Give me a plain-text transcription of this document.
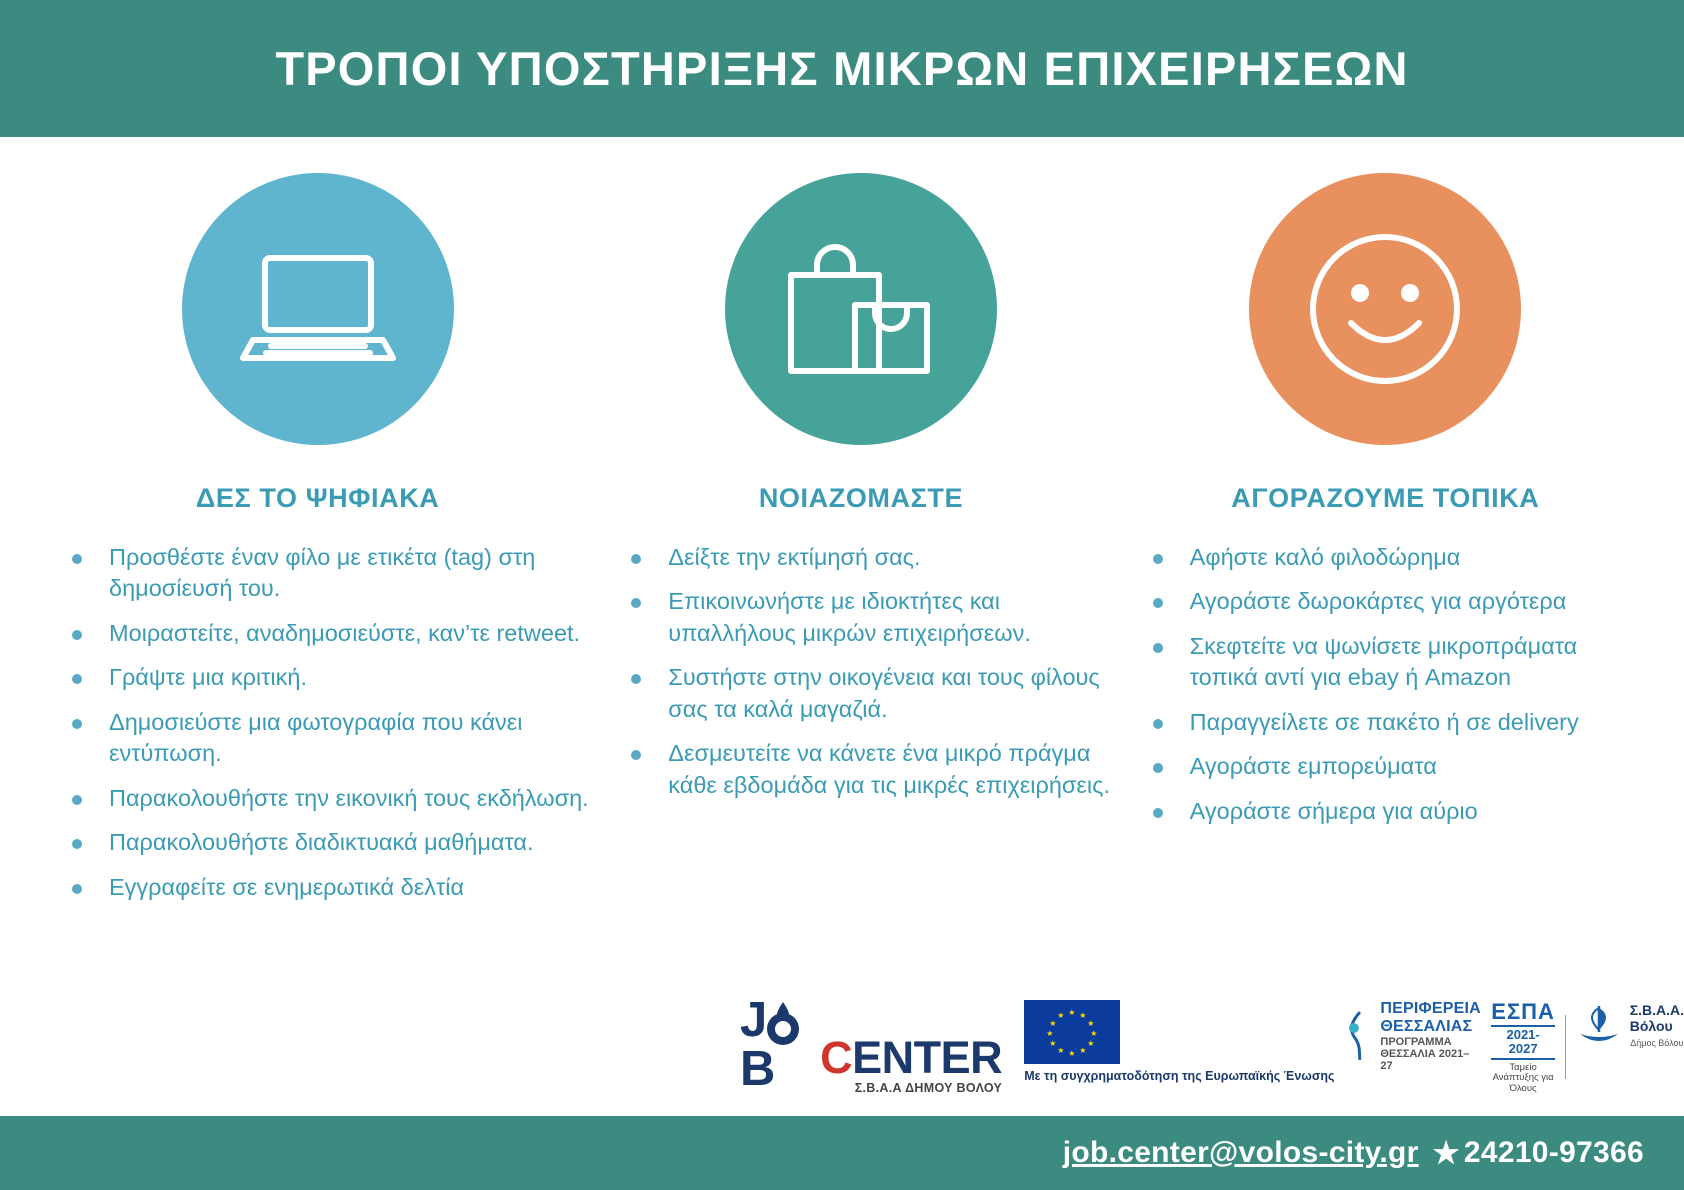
ΤΡΟΠΟΙ ΥΠΟΣΤΗΡΙΞΗΣ ΜΙΚΡΩΝ ΕΠΙΧΕΙΡΗΣΕΩΝ
ΔΕΣ ΤΟ ΨΗΦΙΑΚΑ
Προσθέστε έναν φίλο με ετικέτα (tag) στη δημοσίευσή του.
Μοιραστείτε, αναδημοσιεύστε, καν’τε retweet.
Γράψτε μια κριτική.
Δημοσιεύστε μια φωτογραφία που κάνει εντύπωση.
Παρακολουθήστε την εικονική τους εκδήλωση.
Παρακολουθήστε διαδικτυακά μαθήματα.
Εγγραφείτε σε ενημερωτικά δελτία
ΝΟΙΑΖΟΜΑΣΤΕ
Δείξτε την εκτίμησή σας.
Επικοινωνήστε με ιδιοκτήτες και υπαλλήλους μικρών επιχειρήσεων.
Συστήστε στην οικογένεια και τους φίλους σας τα καλά μαγαζιά.
Δεσμευτείτε να κάνετε ένα μικρό πράγμα κάθε εβδομάδα για τις μικρές επιχειρήσεις.
ΑΓΟΡΑΖΟΥΜΕ ΤΟΠΙΚΑ
Αφήστε καλό φιλοδώρημα
Αγοράστε δωροκάρτες για αργότερα
Σκεφτείτε να ψωνίσετε μικροπράματα τοπικά αντί για ebay ή Amazon
Παραγγείλετε σε πακέτο ή σε delivery
Αγοράστε εμπορεύματα
Αγοράστε σήμερα για αύριο
J
B	CENTER
Σ.Β.Α.Α ΔΗΜΟΥ ΒΟΛΟΥ
★ ★
★
★
★
★
★
★
★
★
★
★
Με τη συγχρηματοδότηση της Ευρωπαϊκής Ένωσης
ΠΕΡΙΦΕΡΕΙΑ
ΘΕΣΣΑΛΙΑΣ
ΠΡΟΓΡΑΜΜΑ
ΘΕΣΣΑΛΙΑ 2021–27
ΕΣΠΑ
2021-2027
Ταμείο Ανάπτυξης για Όλους
Σ.Β.Α.Α.
Βόλου
Δήμος Βόλου
job.center@volos-city.gr ★ 24210-97366
